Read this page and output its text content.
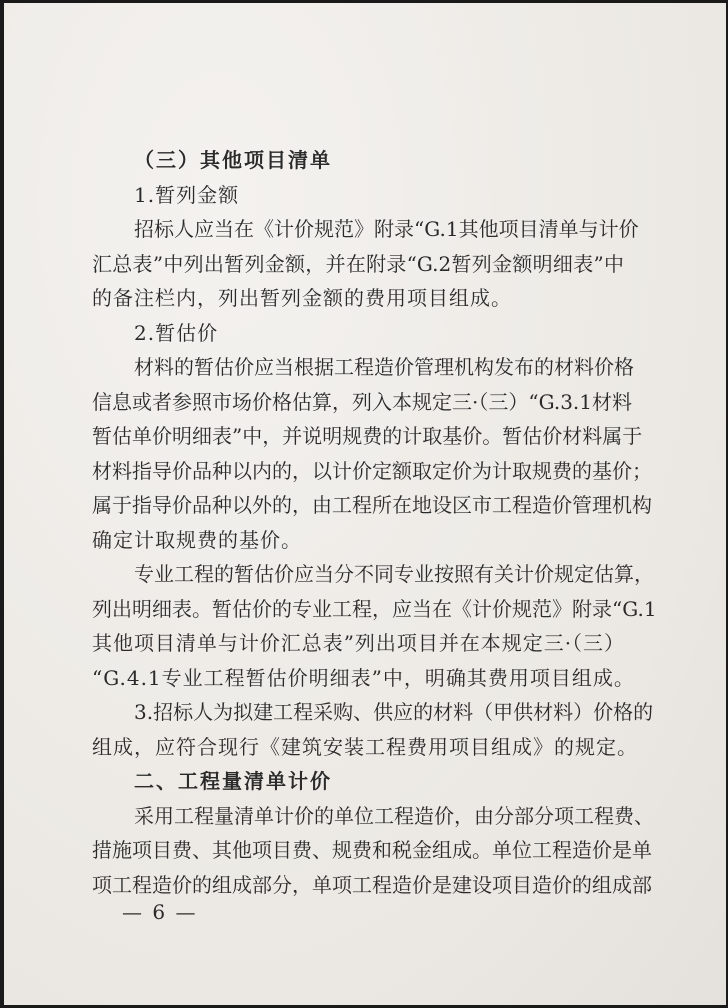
（三）其他项目清单
1.暂列金额
招标人应当在《计价规范》附录“G.1其他项目清单与计价
汇总表”中列出暂列金额，并在附录“G.2暂列金额明细表”中
的备注栏内，列出暂列金额的费用项目组成。
2.暂估价
材料的暂估价应当根据工程造价管理机构发布的材料价格
信息或者参照市场价格估算，列入本规定三·（三）“G.3.1材料
暂估单价明细表”中，并说明规费的计取基价。暂估价材料属于
材料指导价品种以内的，以计价定额取定价为计取规费的基价；
属于指导价品种以外的，由工程所在地设区市工程造价管理机构
确定计取规费的基价。
专业工程的暂估价应当分不同专业按照有关计价规定估算，
列出明细表。暂估价的专业工程，应当在《计价规范》附录“G.1
其他项目清单与计价汇总表”列出项目并在本规定三·（三）
“G.4.1专业工程暂估价明细表”中，明确其费用项目组成。
3.招标人为拟建工程采购、供应的材料（甲供材料）价格的
组成，应符合现行《建筑安装工程费用项目组成》的规定。
二、工程量清单计价
采用工程量清单计价的单位工程造价，由分部分项工程费、
措施项目费、其他项目费、规费和税金组成。单位工程造价是单
项工程造价的组成部分，单项工程造价是建设项目造价的组成部
— 6 —
